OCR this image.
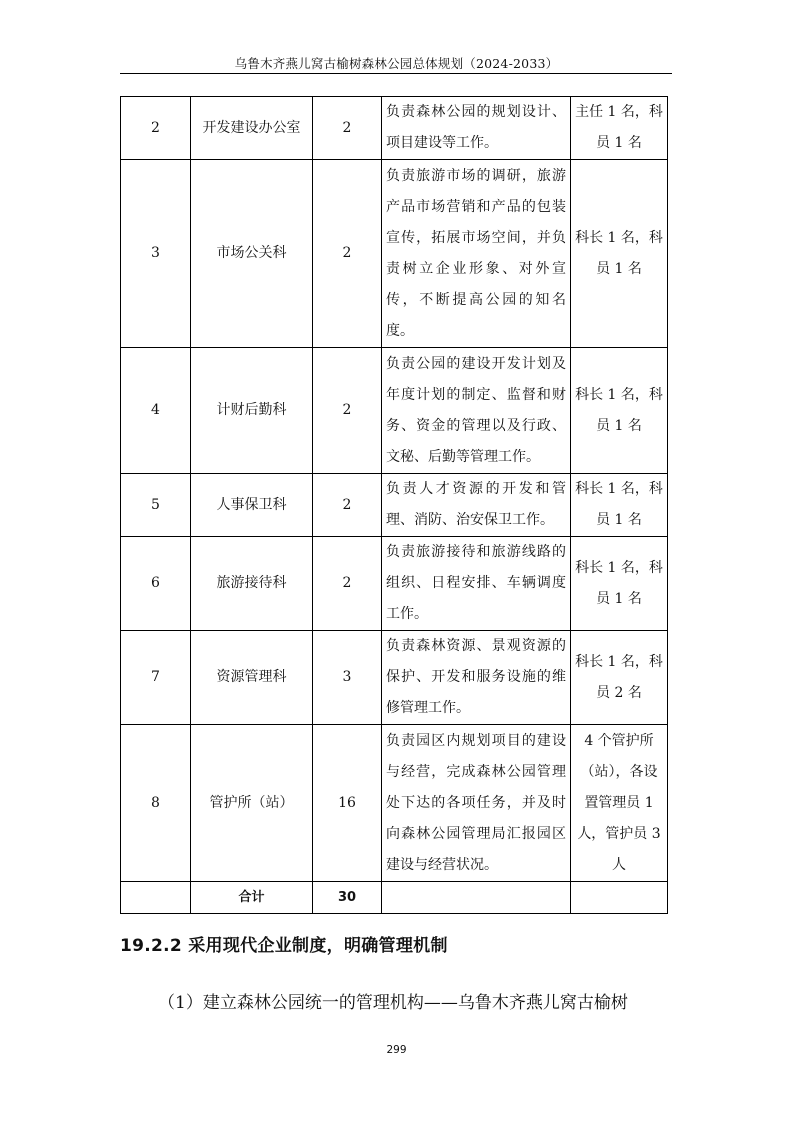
乌鲁木齐燕儿窝古榆树森林公园总体规划（2024-2033）
2	开发建设办公室	2	负责森林公园的规划设计、项目建设等工作。	主任 1 名，科员 1 名
3	市场公关科	2	负责旅游市场的调研，旅游产品市场营销和产品的包装宣传，拓展市场空间，并负责树立企业形象、对外宣传，不断提高公园的知名度。	科长 1 名，科员 1 名
4	计财后勤科	2	负责公园的建设开发计划及年度计划的制定、监督和财务、资金的管理以及行政、文秘、后勤等管理工作。	科长 1 名，科员 1 名
5	人事保卫科	2	负责人才资源的开发和管理、消防、治安保卫工作。	科长 1 名，科员 1 名
6	旅游接待科	2	负责旅游接待和旅游线路的组织、日程安排、车辆调度工作。	科长 1 名，科员 1 名
7	资源管理科	3	负责森林资源、景观资源的保护、开发和服务设施的维修管理工作。	科长 1 名，科员 2 名
8	管护所（站）	16	负责园区内规划项目的建设与经营，完成森林公园管理处下达的各项任务，并及时向森林公园管理局汇报园区建设与经营状况。	4 个管护所（站），各设置管理员 1 人，管护员 3 人
	合计	30		
19.2.2 采用现代企业制度，明确管理机制
（1）建立森林公园统一的管理机构——乌鲁木齐燕儿窝古榆树
299
